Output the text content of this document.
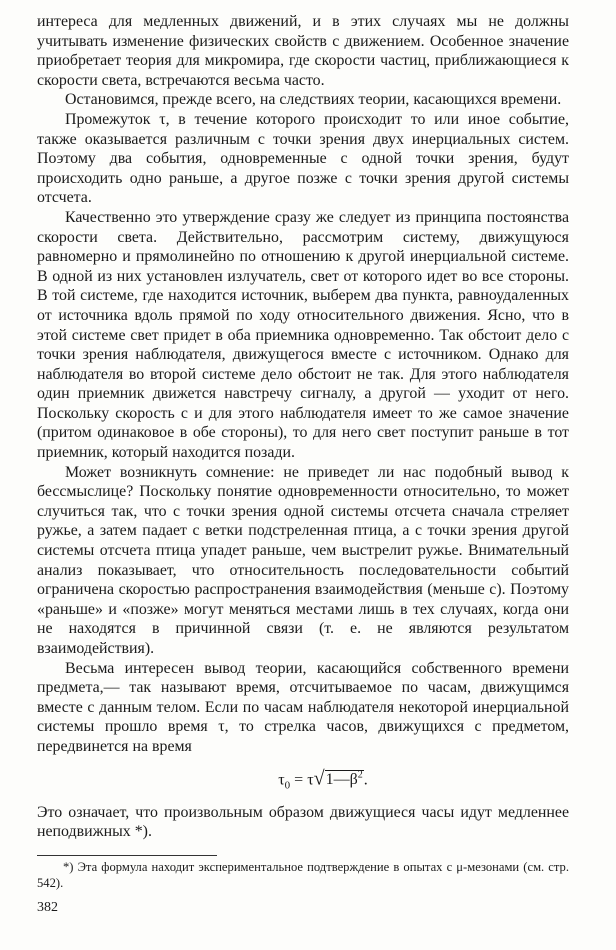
интереса для медленных движений, и в этих случаях мы не должны учитывать изменение физических свойств с движением. Особенное значение приобретает теория для микромира, где скорости частиц, приближающиеся к скорости света, встречаются весьма часто.

Остановимся, прежде всего, на следствиях теории, касающихся времени.

Промежуток τ, в течение которого происходит то или иное событие, также оказывается различным с точки зрения двух инерциальных систем. Поэтому два события, одновременные с одной точки зрения, будут происходить одно раньше, а другое позже с точки зрения другой системы отсчета.

Качественно это утверждение сразу же следует из принципа постоянства скорости света. Действительно, рассмотрим систему, движущуюся равномерно и прямолинейно по отношению к другой инерциальной системе. В одной из них установлен излучатель, свет от которого идет во все стороны. В той системе, где находится источник, выберем два пункта, равноудаленных от источника вдоль прямой по ходу относительного движения. Ясно, что в этой системе свет придет в оба приемника одновременно. Так обстоит дело с точки зрения наблюдателя, движущегося вместе с источником. Однако для наблюдателя во второй системе дело обстоит не так. Для этого наблюдателя один приемник движется навстречу сигналу, а другой — уходит от него. Поскольку скорость c и для этого наблюдателя имеет то же самое значение (притом одинаковое в обе стороны), то для него свет поступит раньше в тот приемник, который находится позади.

Может возникнуть сомнение: не приведет ли нас подобный вывод к бессмыслице? Поскольку понятие одновременности относительно, то может случиться так, что с точки зрения одной системы отсчета сначала стреляет ружье, а затем падает с ветки подстреленная птица, а с точки зрения другой системы отсчета птица упадет раньше, чем выстрелит ружье. Внимательный анализ показывает, что относительность последовательности событий ограничена скоростью распространения взаимодействия (меньше c). Поэтому «раньше» и «позже» могут меняться местами лишь в тех случаях, когда они не находятся в причинной связи (т. е. не являются результатом взаимодействия).

Весьма интересен вывод теории, касающийся собственного времени предмета,— так называют время, отсчитываемое по часам, движущимся вместе с данным телом. Если по часам наблюдателя некоторой инерциальной системы прошло время τ, то стрелка часов, движущихся с предметом, передвинется на время

$\tau_0$ = $\tau√1—\beta^2$.

Это означает, что произвольным образом движущиеся часы идут медленнее неподвижных *).

*) Эта формула находит экспериментальное подтверждение в опытах с μ-мезонами (см. стр. 542).
382
